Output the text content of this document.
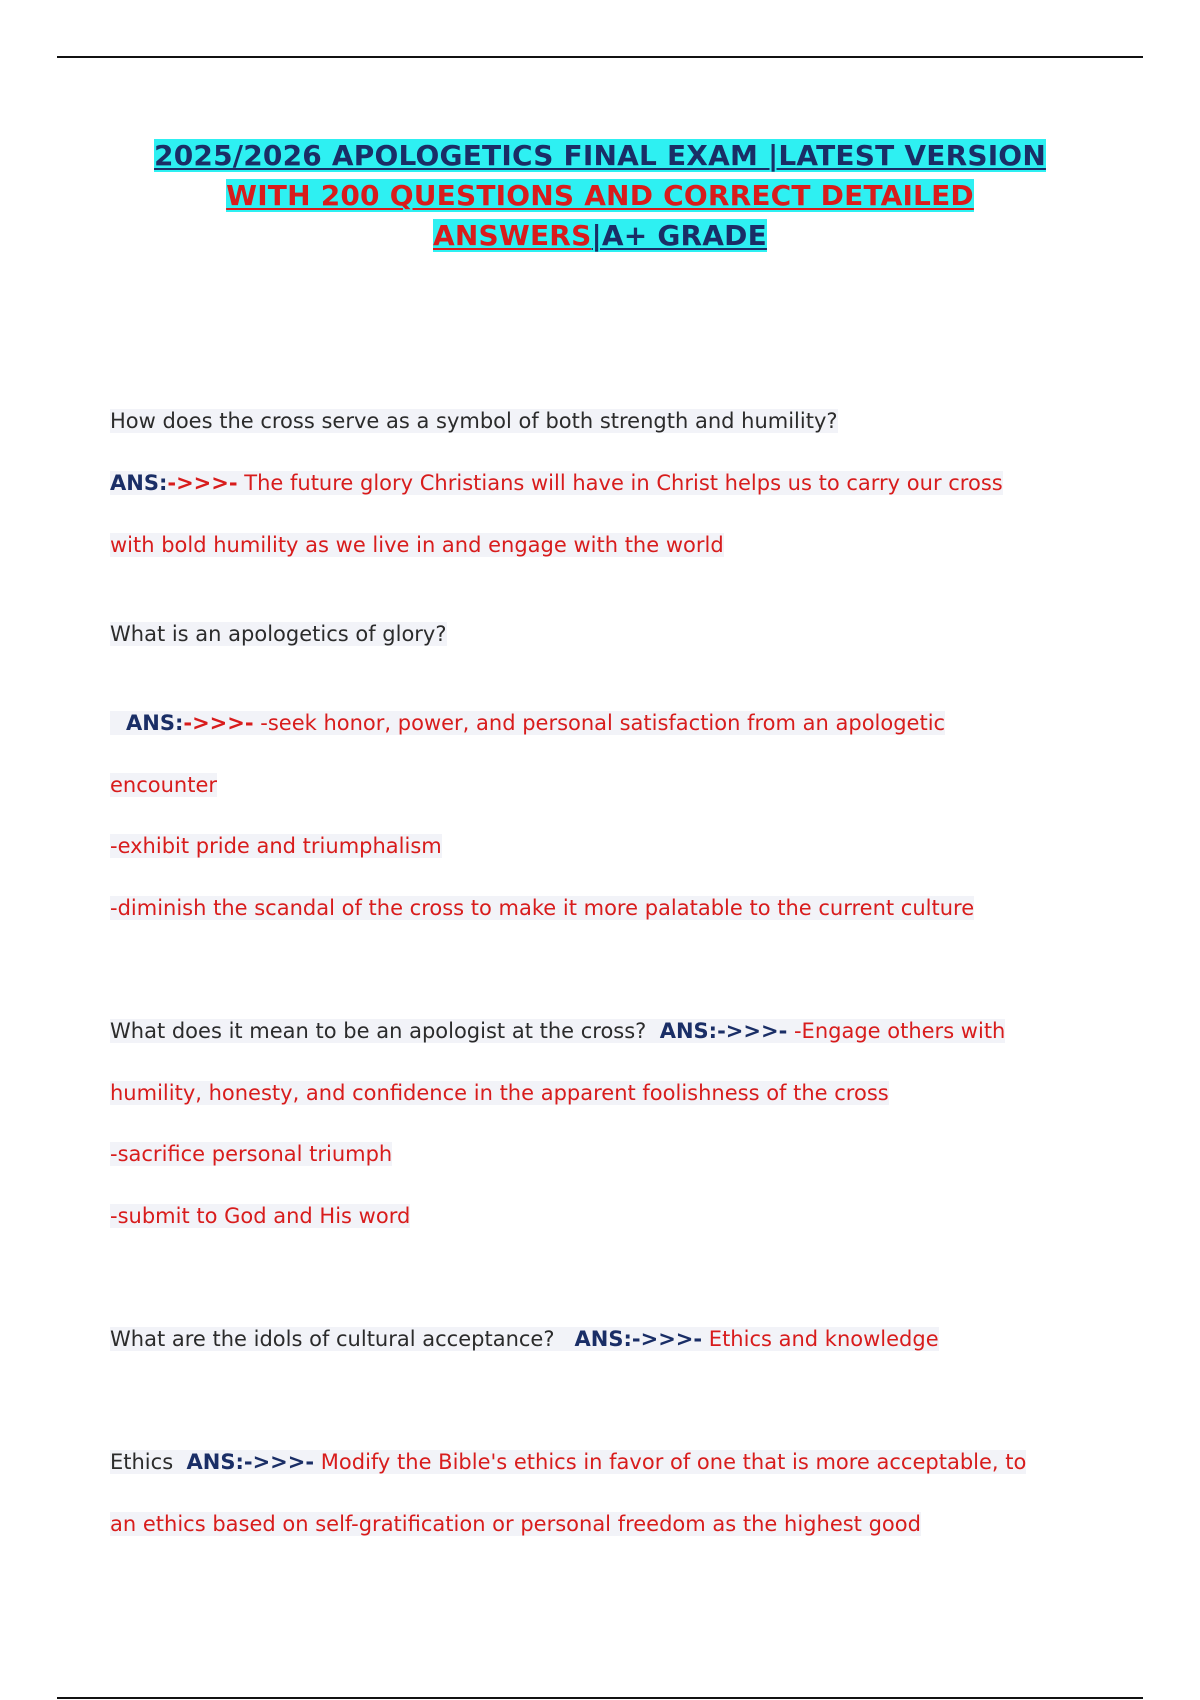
2025/2026 APOLOGETICS FINAL EXAM |LATEST VERSION
WITH 200 QUESTIONS AND CORRECT DETAILED
ANSWERS|A+ GRADE
How does the cross serve as a symbol of both strength and humility?
ANS:->>>- The future glory Christians will have in Christ helps us to carry our cross
with bold humility as we live in and engage with the world
What is an apologetics of glory?
ANS:->>>- -seek honor, power, and personal satisfaction from an apologetic
encounter
-exhibit pride and triumphalism
-diminish the scandal of the cross to make it more palatable to the current culture
What does it mean to be an apologist at the cross? ANS:->>>- -Engage others with
humility, honesty, and confidence in the apparent foolishness of the cross
-sacrifice personal triumph
-submit to God and His word
What are the idols of cultural acceptance? ANS:->>>- Ethics and knowledge
Ethics ANS:->>>- Modify the Bible's ethics in favor of one that is more acceptable, to
an ethics based on self-gratification or personal freedom as the highest good
